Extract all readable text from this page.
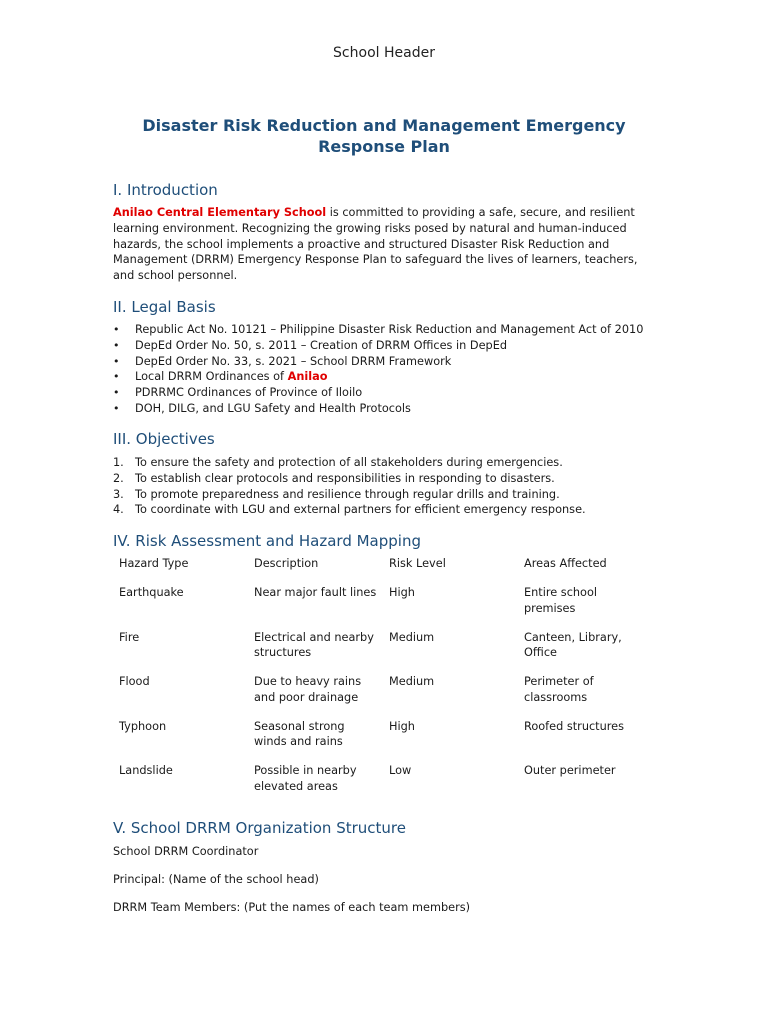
School Header
Disaster Risk Reduction and Management Emergency Response Plan
I. Introduction
Anilao Central Elementary School is committed to providing a safe, secure, and resilient learning environment. Recognizing the growing risks posed by natural and human-induced hazards, the school implements a proactive and structured Disaster Risk Reduction and Management (DRRM) Emergency Response Plan to safeguard the lives of learners, teachers, and school personnel.
II. Legal Basis
• Republic Act No. 10121 – Philippine Disaster Risk Reduction and Management Act of 2010
• DepEd Order No. 50, s. 2011 – Creation of DRRM Offices in DepEd
• DepEd Order No. 33, s. 2021 – School DRRM Framework
• Local DRRM Ordinances of Anilao
• PDRRMC Ordinances of Province of Iloilo
• DOH, DILG, and LGU Safety and Health Protocols
III. Objectives
1. To ensure the safety and protection of all stakeholders during emergencies.
2. To establish clear protocols and responsibilities in responding to disasters.
3. To promote preparedness and resilience through regular drills and training.
4. To coordinate with LGU and external partners for efficient emergency response.
IV. Risk Assessment and Hazard Mapping
Hazard Type	Description	Risk Level	Areas Affected
Earthquake	Near major fault lines	High	Entire school premises
Fire	Electrical and nearby structures	Medium	Canteen, Library, Office
Flood	Due to heavy rains and poor drainage	Medium	Perimeter of classrooms
Typhoon	Seasonal strong winds and rains	High	Roofed structures
Landslide	Possible in nearby elevated areas	Low	Outer perimeter
V. School DRRM Organization Structure
School DRRM Coordinator
Principal: (Name of the school head)
DRRM Team Members: (Put the names of each team members)
